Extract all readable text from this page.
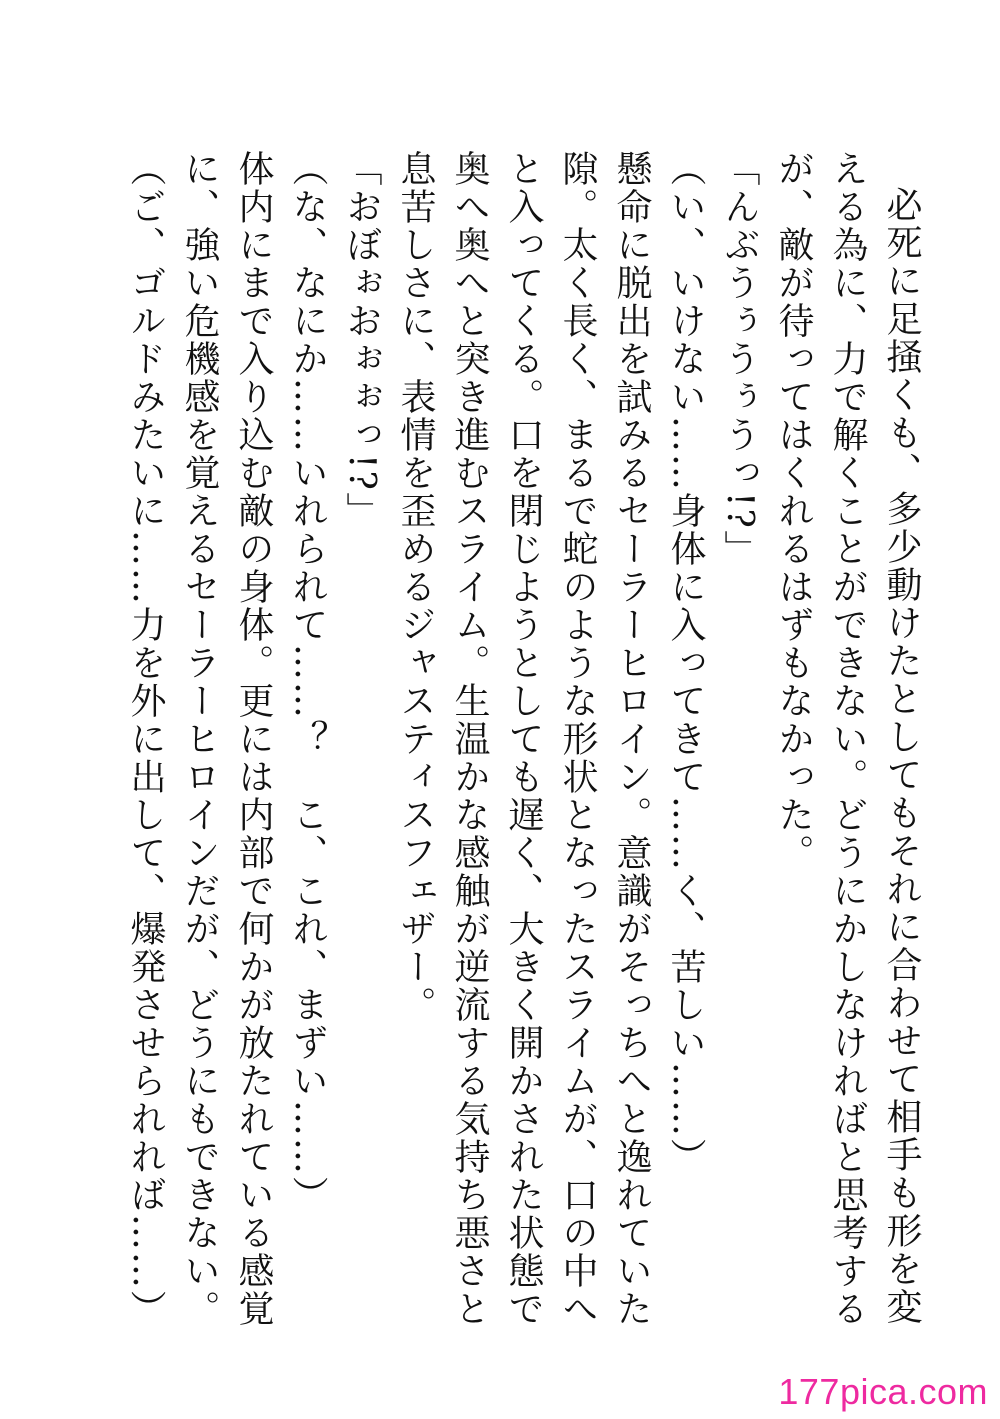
必死に足掻くも、多少動けたとしてもそれに合わせて相手も形を変える為に、力で解くことができない。どうにかしなければと思考するが、敵が待ってはくれるはずもなかった。

「んぶうぅうぅうっ!?」

（い、いけない……身体に入ってきて……く、苦しい……）

懸命に脱出を試みるセーラーヒロイン。意識がそっちへと逸れていた隙。太く長く、まるで蛇のような形状となったスライムが、口の中へと入ってくる。口を閉じようとしても遅く、大きく開かされた状態で奥へ奥へと突き進むスライム。生温かな感触が逆流する気持ち悪さと息苦しさに、表情を歪めるジャスティスフェザー。

「おぼぉおぉぉっ!?」

（な、なにか……いれられて……？　こ、これ、まずい……）

体内にまで入り込む敵の身体。更には内部で何かが放たれている感覚に、強い危機感を覚えるセーラーヒロインだが、どうにもできない。

（ご、ゴルドみたいに……力を外に出して、爆発させられれば……）

177pica.com
